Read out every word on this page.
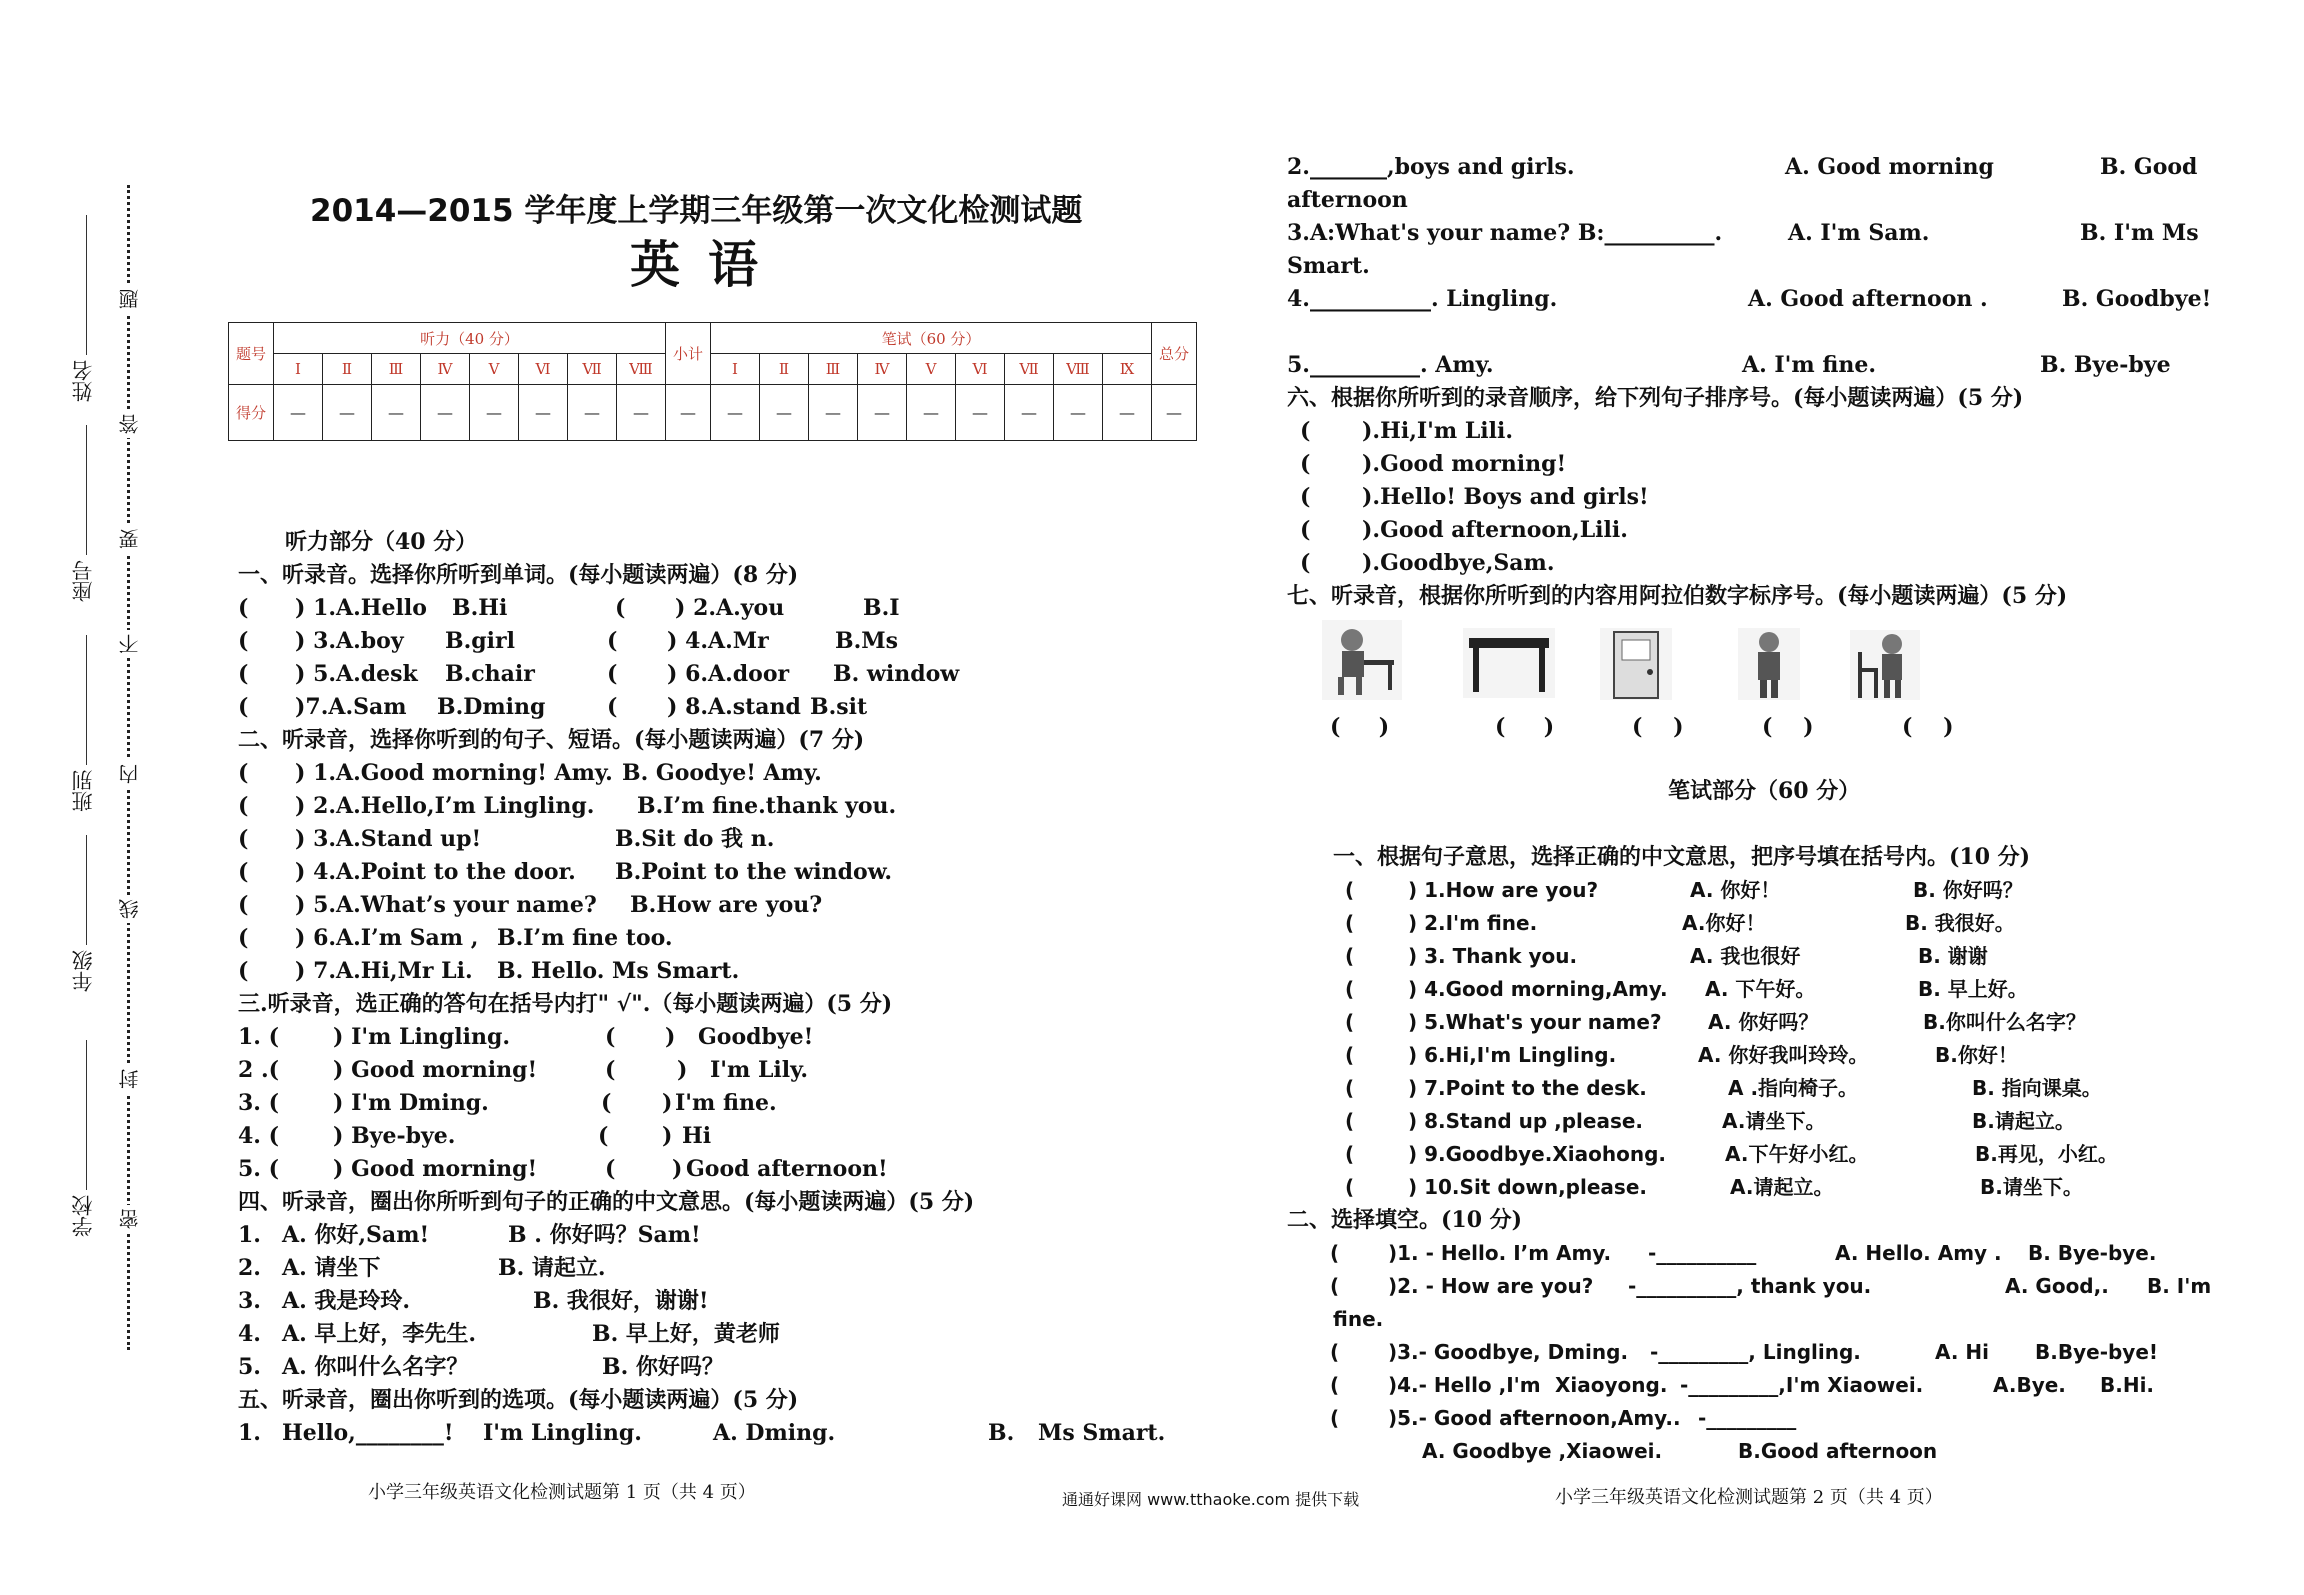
密
封
线
内
不
要
答
题
学校
年级
班别
座号
姓名
2014—2015 学年度上学期三年级第一次文化检测试题
英语
题号	听力（40 分）								小计	笔试（60 分）									总分
	Ⅰ	Ⅱ	Ⅲ	Ⅳ	Ⅴ	Ⅵ	Ⅶ	Ⅷ		Ⅰ	Ⅱ	Ⅲ	Ⅳ	Ⅴ	Ⅵ	Ⅶ	Ⅷ	Ⅸ	
得分	—	—	—	—	—	—	—	—	—	—	—	—	—	—	—	—	—	—	—
听力部分（40 分）
一、听录音。选择你所听到单词。(每小题读两遍）(8 分)
( ) 1.A.Hello B.Hi	( ) 2.A.you	B.I
( ) 3.A.boy B.girl	( ) 4.A.Mr	B.Ms
( ) 5.A.desk B.chair	( ) 6.A.door B. window
( )7.A.Sam B.Dming	( ) 8.A.stand B.sit
二、听录音，选择你听到的句子、短语。(每小题读两遍）(7 分)
( ) 1.A.Good morning! Amy. B. Goodye! Amy.
( ) 2.A.Hello,I’m Lingling. B.I’m fine.thank you.
( ) 3.A.Stand up!	B.Sit do 我 n.
( ) 4.A.Point to the door. B.Point to the window.
( ) 5.A.What’s your name? B.How are you?
( ) 6.A.I’m Sam , B.I’m fine too.
( ) 7.A.Hi,Mr Li. B. Hello. Ms Smart.
三.听录音，选正确的答句在括号内打" √".（每小题读两遍）(5 分)
1. ( ) I'm Lingling.	( ) Goodbye!
2 .( ) Good morning!	(	) I'm Lily.
3. ( ) I'm Dming.	( ) I'm fine.
4. ( ) Bye-bye.	( ) Hi
5. ( ) Good morning!	(	) Good afternoon!
四、听录音，圈出你所听到句子的正确的中文意思。(每小题读两遍）(5 分)
1. A. 你好,Sam!	B . 你好吗？Sam!
2. A. 请坐下	B. 请起立.
3. A. 我是玲玲.	B. 我很好，谢谢!
4. A. 早上好，李先生.	B. 早上好，黄老师
5. A. 你叫什么名字？	B. 你好吗？
五、听录音，圈出你听到的选项。(每小题读两遍）(5 分)
1. Hello,________! I'm Lingling.	A. Dming.	B. Ms Smart.
小学三年级英语文化检测试题第 1 页（共 4 页）	通通好课网 www.tthaoke.com 提供下载
2._______,boys and girls.	A. Good morning	B. Good
afternoon
3.A:What's your name? B:__________.	A. I'm Sam.	B. I'm Ms
Smart.
4.___________. Lingling.	A. Good afternoon .	B. Goodbye!
5.__________. Amy.	A. I'm fine.	B. Bye-bye
六、根据你所听到的录音顺序，给下列句子排序号。(每小题读两遍）(5 分)
( ).Hi,I'm Lili.
( ).Good morning!
( ).Hello! Boys and girls!
( ).Good afternoon,Lili.
( ).Goodbye,Sam.
七、听录音，根据你所听到的内容用阿拉伯数字标序号。(每小题读两遍）(5 分)
( )	( )	( )	( )	( )
笔试部分（60 分）
一、根据句子意思，选择正确的中文意思，把序号填在括号内。(10 分)
(	) 1.How are you?	A. 你好！	B. 你好吗？
(	) 2.I'm fine.	A.你好！	B. 我很好。
(	) 3. Thank you.	A. 我也很好	B. 谢谢
(	) 4.Good morning,Amy. A. 下午好。	B. 早上好。
(	) 5.What's your name? A. 你好吗？	B.你叫什么名字？
(	) 6.Hi,I'm Lingling.	A. 你好我叫玲玲。	B.你好！
(	) 7.Point to the desk.	A .指向椅子。	B. 指向课桌。
(	) 8.Stand up ,please.	A.请坐下。	B.请起立。
(	) 9.Goodbye.Xiaohong.	A.下午好小红。	B.再见，小红。
(	) 10.Sit down,please.	A.请起立。	B.请坐下。
二、选择填空。(10 分)
( )1. - Hello. I’m Amy. -__________	A. Hello. Amy . B. Bye-bye.
( )2. - How are you? -__________, thank you.	A. Good,. B. I'm
fine.
( )3.- Goodbye, Dming. -_________, Lingling.	A. Hi B.Bye-bye!
( )4.- Hello ,I'm Xiaoyong. -_________,I'm Xiaowei.	A.Bye. B.Hi.
( )5.- Good afternoon,Amy.. -_________
A. Goodbye ,Xiaowei.	B.Good afternoon
小学三年级英语文化检测试题第 2 页（共 4 页）
